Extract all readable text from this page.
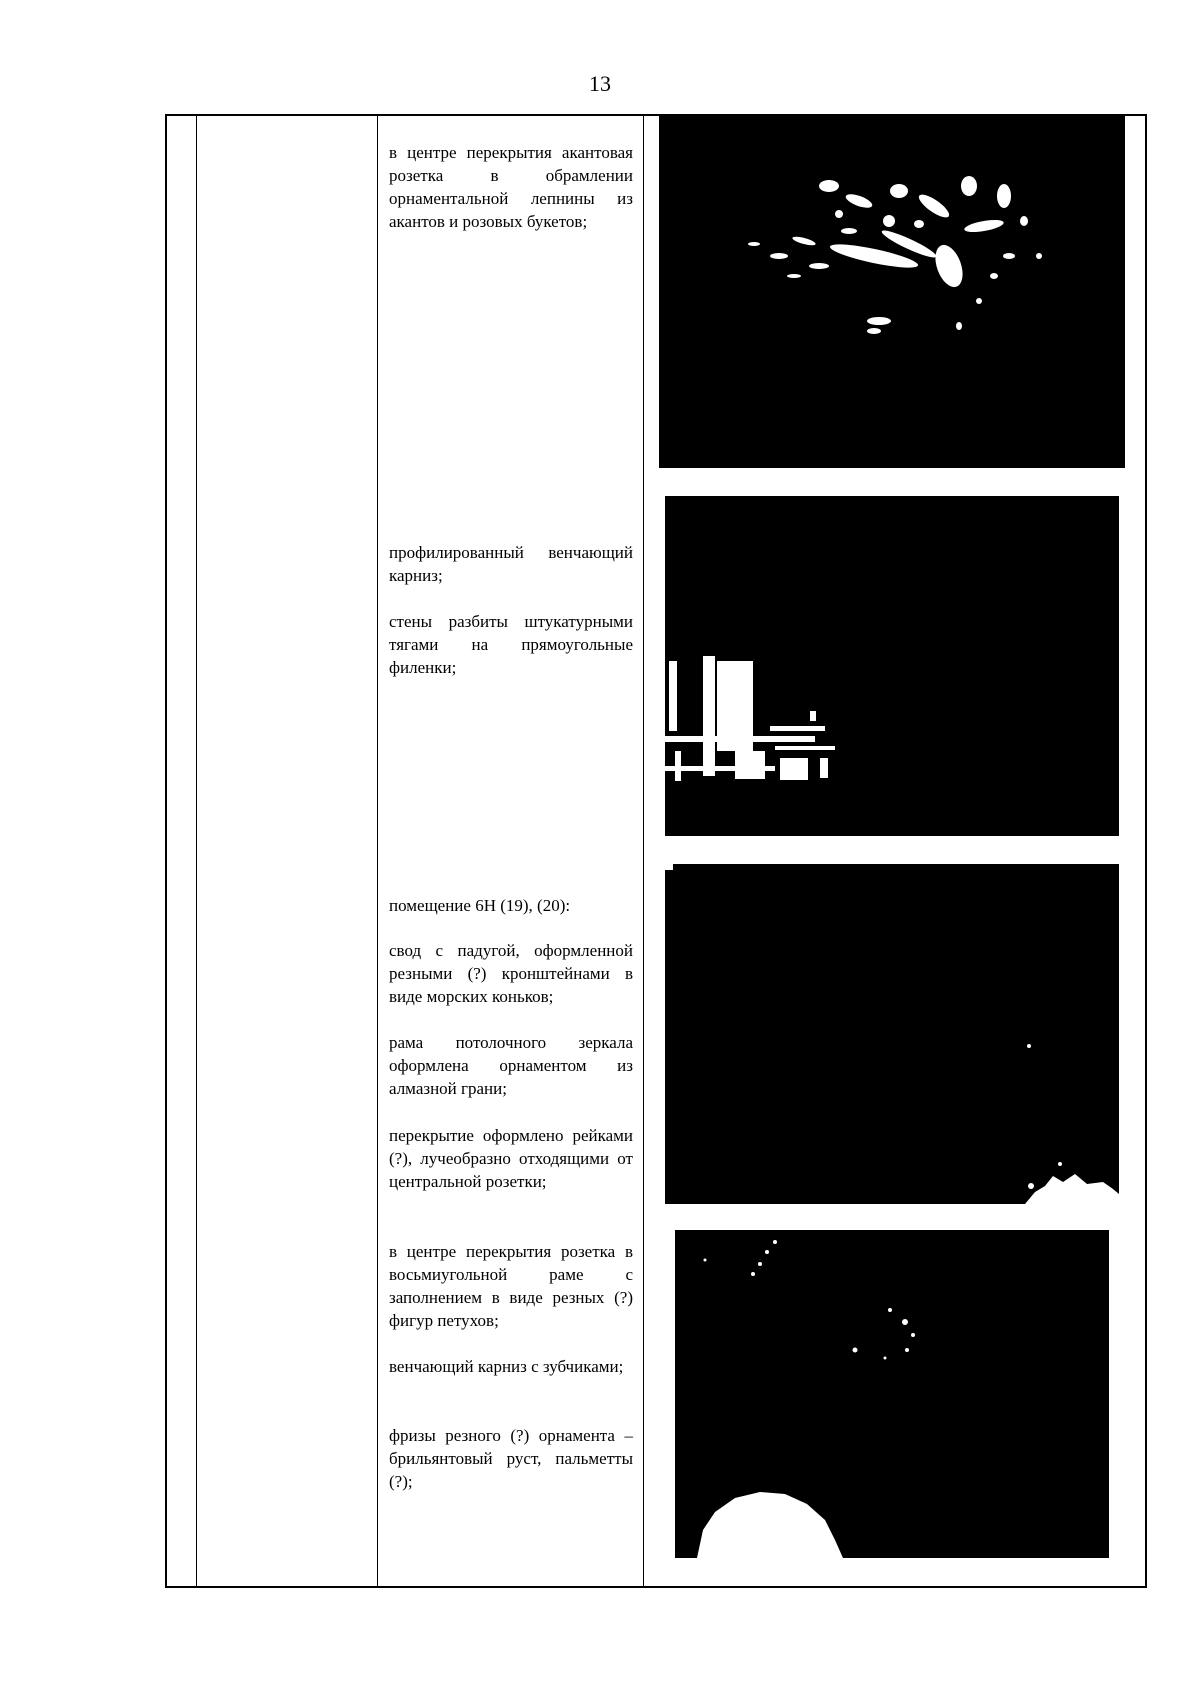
13
в центре перекрытия акантовая розетка в обрамлении орнаментальной лепнины из акантов и розовых букетов;
профилированный венчающий карниз;
стены разбиты штукатурными тягами на прямоугольные филенки;
помещение 6Н (19), (20):
свод с падугой, оформленной резными (?) кронштейнами в виде морских коньков;
рама потолочного зеркала оформлена орнаментом из алмазной грани;
перекрытие оформлено рейками (?), лучеобразно отходящими от центральной розетки;
в центре перекрытия розетка в восьмиугольной раме с заполнением в виде резных (?) фигур петухов;
венчающий карниз с зубчиками;
фризы резного (?) орнамента – брильянтовый руст, пальметты (?);
